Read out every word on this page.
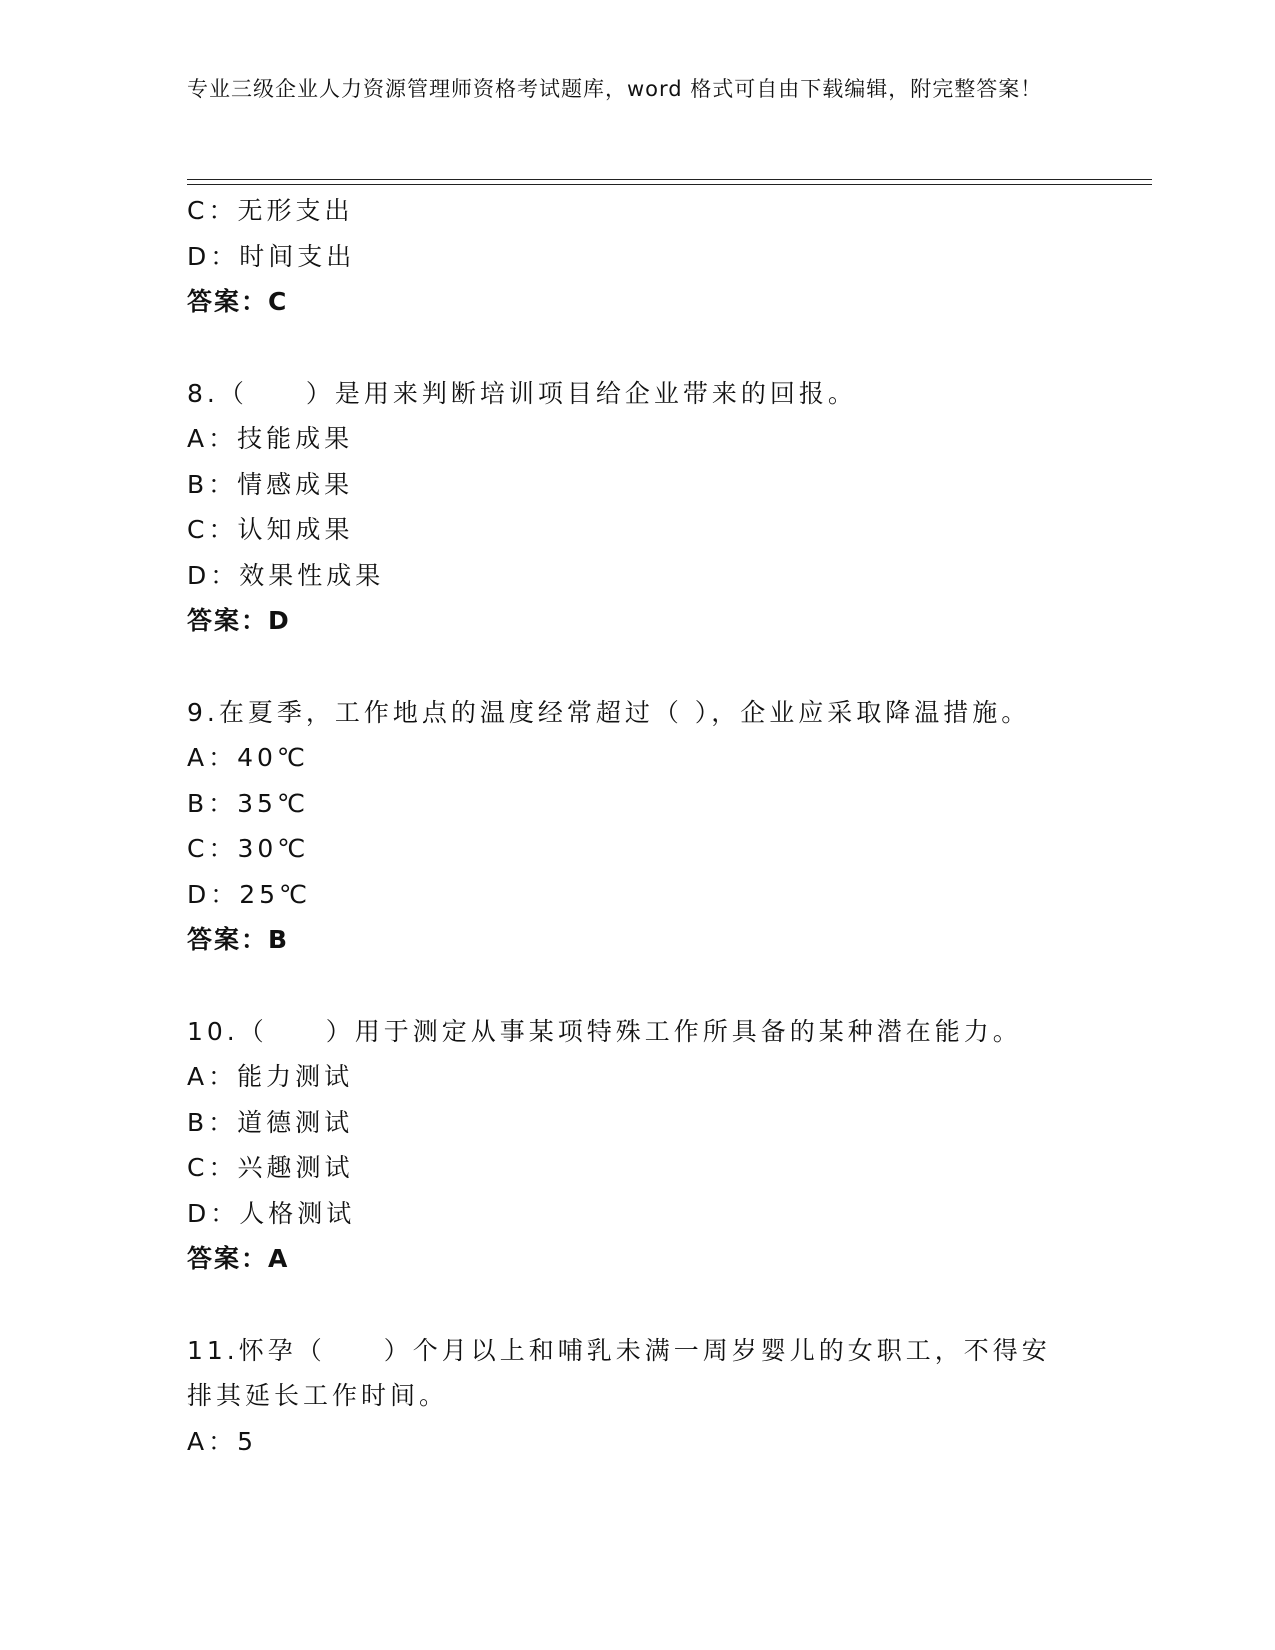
专业三级企业人力资源管理师资格考试题库，word 格式可自由下载编辑，附完整答案！
C：无形支出
D：时间支出
答案：C
8.（　　）是用来判断培训项目给企业带来的回报。
A：技能成果
B：情感成果
C：认知成果
D：效果性成果
答案：D
9.在夏季，工作地点的温度经常超过（ ），企业应采取降温措施。
A：40℃
B：35℃
C：30℃
D：25℃
答案：B
10.（　　）用于测定从事某项特殊工作所具备的某种潜在能力。
A：能力测试
B：道德测试
C：兴趣测试
D：人格测试
答案：A
11.怀孕（　　）个月以上和哺乳未满一周岁婴儿的女职工，不得安排其延长工作时间。
A：5
